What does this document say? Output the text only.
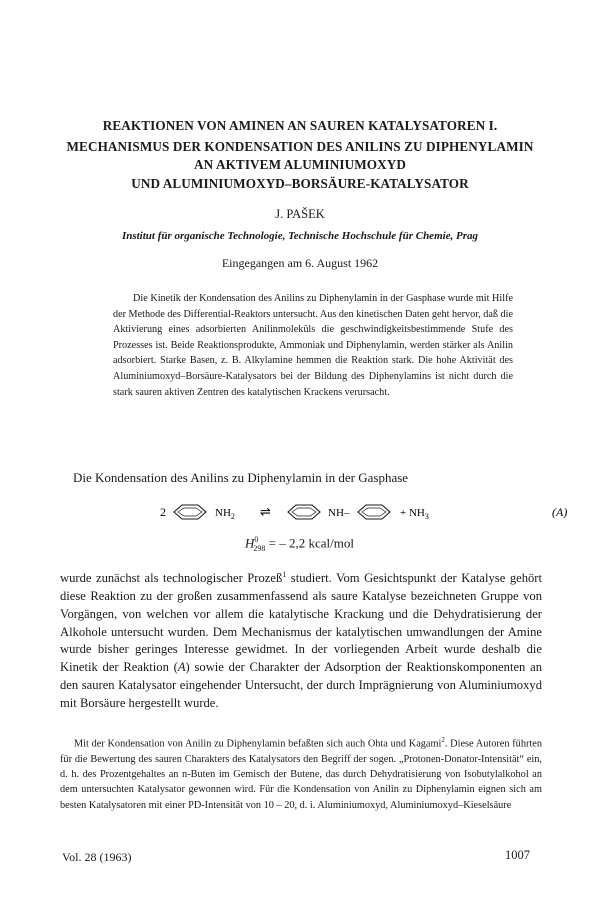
REAKTIONEN VON AMINEN AN SAUREN KATALYSATOREN I.
MECHANISMUS DER KONDENSATION DES ANILINS ZU DIPHENYLAMIN
AN AKTIVEM ALUMINIUMOXYD
UND ALUMINIUMOXYD–BORSÄURE-KATALYSATOR

J. PAŠEK

Institut für organische Technologie, Technische Hochschule für Chemie, Prag

Eingegangen am 6. August 1962

Die Kinetik der Kondensation des Anilins zu Diphenylamin in der Gasphase wurde mit Hilfe der Methode des Differential-Reaktors untersucht. Aus den kinetischen Daten geht hervor, daß die Aktivierung eines adsorbierten Anilinmoleküls die geschwindigkeitsbestimmende Stufe des Prozesses ist. Beide Reaktionsprodukte, Ammoniak und Diphenylamin, werden stärker als Anilin adsorbiert. Starke Basen, z. B. Alkylamine hemmen die Reaktion stark. Die hohe Aktivität des Aluminiumoxyd–Borsäure-Katalysators bei der Bildung des Diphenylamins ist nicht durch die stark sauren aktiven Zentren des katalytischen Krackens verursacht.

Die Kondensation des Anilins zu Diphenylamin in der Gasphase

2	$NH_2$ ⇌	NH–	+ $NH_3$	(A)

$H^0_{298}$ = – 2,2 kcal/mol

wurde zunächst als technologischer Prozeß$^1$ studiert. Vom Gesichtspunkt der Katalyse gehört diese Reaktion zu der großen zusammenfassend als saure Katalyse bezeichneten Gruppe von Vorgängen, von welchen vor allem die katalytische Krackung und die Dehydratisierung der Alkohole untersucht wurden. Dem Mechanismus der katalytischen umwandlungen der Amine wurde bisher geringes Interesse gewidmet. In der vorliegenden Arbeit wurde deshalb die Kinetik der Reaktion (A) sowie der Charakter der Adsorption der Reaktionskomponenten an den sauren Katalysator eingehender Untersucht, der durch Imprägnierung von Aluminiumoxyd mit Borsäure hergestellt wurde.

Mit der Kondensation von Anilin zu Diphenylamin befaßten sich auch Ohta und Kagami$^2$. Diese Autoren führten für die Bewertung des sauren Charakters des Katalysators den Begriff der sogen. „Protonen-Donator-Intensität“ ein, d. h. des Prozentgehaltes an n-Buten im Gemisch der Butene, das durch Dehydratisierung von Isobutylalkohol an dem untersuchten Katalysator gewonnen wird. Für die Kondensation von Anilin zu Diphenylamin eignen sich am besten Katalysatoren mit einer PD-Intensität von 10 – 20, d. i. Aluminiumoxyd, Aluminiumoxyd–Kieselsäure

Vol. 28 (1963)	1007
